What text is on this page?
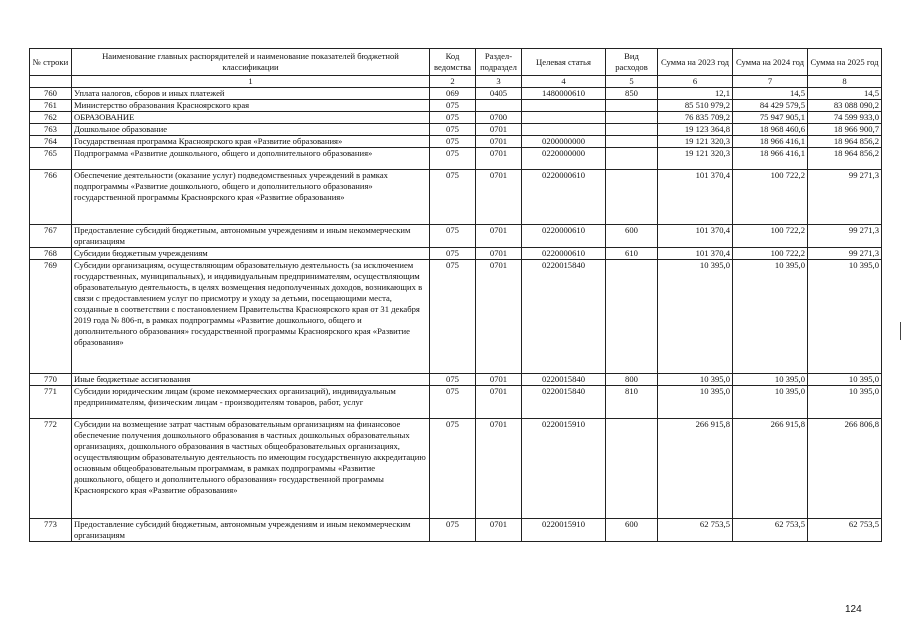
№ строки	Наименование главных распорядителей и наименование показателей бюджетной классификации	Код ведомства	Раздел-подраздел	Целевая статья	Вид расходов	Сумма на 2023 год	Сумма на 2024 год	Сумма на 2025 год
	1	2	3	4	5	6	7	8
760	Уплата налогов, сборов и иных платежей	069	0405	1480000610	850	12,1	14,5	14,5
761	Министерство образования Красноярского края	075				85 510 979,2	84 429 579,5	83 088 090,2
762	ОБРАЗОВАНИЕ	075	0700			76 835 709,2	75 947 905,1	74 599 933,0
763	Дошкольное образование	075	0701			19 123 364,8	18 968 460,6	18 966 900,7
764	Государственная программа Красноярского края «Развитие образования»	075	0701	0200000000		19 121 320,3	18 966 416,1	18 964 856,2
765	Подпрограмма «Развитие дошкольного, общего и дополнительного образования»	075	0701	0220000000		19 121 320,3	18 966 416,1	18 964 856,2
766	Обеспечение деятельности (оказание услуг) подведомственных учреждений в рамках подпрограммы «Развитие дошкольного, общего и дополнительного образования» государственной программы Красноярского края «Развитие образования»	075	0701	0220000610		101 370,4	100 722,2	99 271,3
767	Предоставление субсидий бюджетным, автономным учреждениям и иным некоммерческим организациям	075	0701	0220000610	600	101 370,4	100 722,2	99 271,3
768	Субсидии бюджетным учреждениям	075	0701	0220000610	610	101 370,4	100 722,2	99 271,3
769	Субсидии организациям, осуществляющим образовательную деятельность (за исключением государственных, муниципальных), и индивидуальным предпринимателям, осуществляющим образовательную деятельность, в целях возмещения недополученных доходов, возникающих в связи с предоставлением услуг по присмотру и уходу за детьми, посещающими места, созданные в соответствии с постановлением Правительства Красноярского края от 31 декабря 2019 года № 806-п, в рамках подпрограммы «Развитие дошкольного, общего и дополнительного образования» государственной программы Красноярского края «Развитие образования»	075	0701	0220015840		10 395,0	10 395,0	10 395,0
770	Иные бюджетные ассигнования	075	0701	0220015840	800	10 395,0	10 395,0	10 395,0
771	Субсидии юридическим лицам (кроме некоммерческих организаций), индивидуальным предпринимателям, физическим лицам - производителям товаров, работ, услуг	075	0701	0220015840	810	10 395,0	10 395,0	10 395,0
772	Субсидии на возмещение затрат частным образовательным организациям на финансовое обеспечение получения дошкольного образования в частных дошкольных образовательных организациях, дошкольного образования в частных общеобразовательных организациях, осуществляющим образовательную деятельность по имеющим государственную аккредитацию основным общеобразовательным программам, в рамках подпрограммы «Развитие дошкольного, общего и дополнительного образования» государственной программы Красноярского края «Развитие образования»	075	0701	0220015910		266 915,8	266 915,8	266 806,8
773	Предоставление субсидий бюджетным, автономным учреждениям и иным некоммерческим организациям	075	0701	0220015910	600	62 753,5	62 753,5	62 753,5
124
